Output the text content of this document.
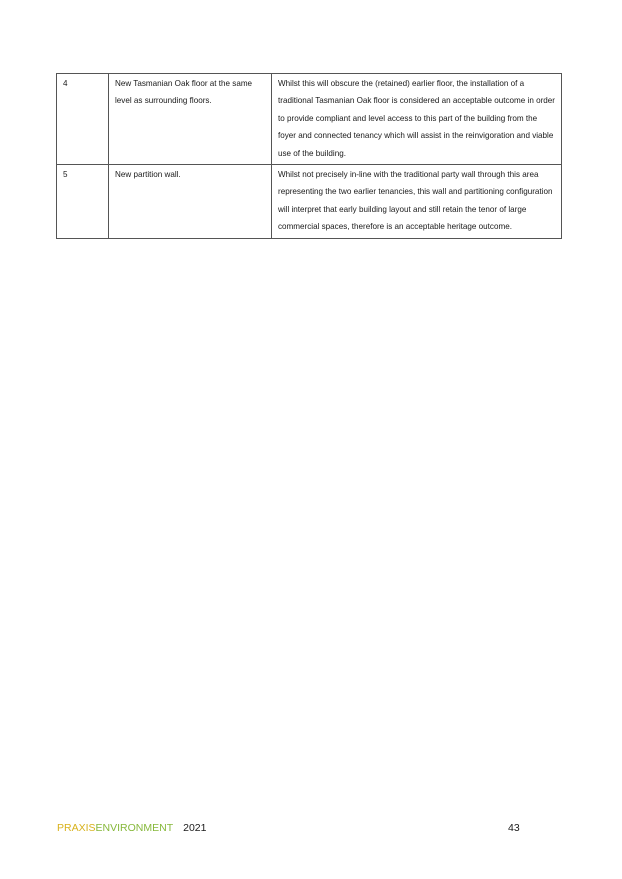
4	New Tasmanian Oak floor at the same level as surrounding floors.	Whilst this will obscure the (retained) earlier floor, the installation of a traditional Tasmanian Oak floor is considered an acceptable outcome in order to provide compliant and level access to this part of the building from the foyer and connected tenancy which will assist in the reinvigoration and viable use of the building.
5	New partition wall.	Whilst not precisely in-line with the traditional party wall through this area representing the two earlier tenancies, this wall and partitioning configuration will interpret that early building layout and still retain the tenor of large commercial spaces, therefore is an acceptable heritage outcome.
PRAXISENVIRONMENT 2021	43
